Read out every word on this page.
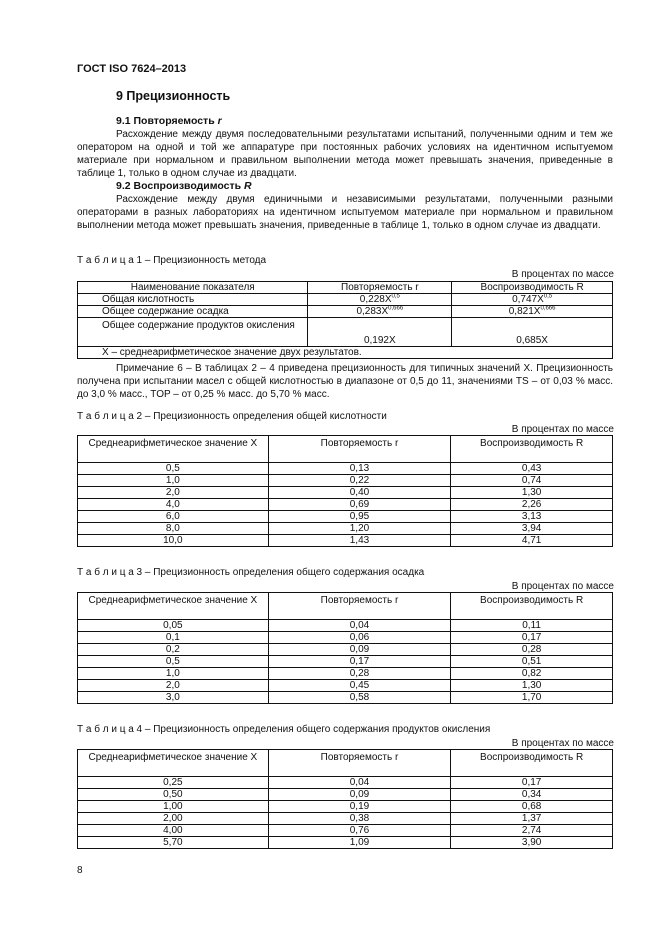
ГОСТ ISO 7624–2013
9 Прецизионность
9.1 Повторяемость r
Расхождение между двумя последовательными результатами испытаний, полученными одним и тем же оператором на одной и той же аппаратуре при постоянных рабочих условиях на идентичном испытуемом материале при нормальном и правильном выполнении метода может превышать значения, приведенные в таблице 1, только в одном случае из двадцати.
9.2 Воспроизводимость R
Расхождение между двумя единичными и независимыми результатами, полученными разными операторами в разных лабораториях на идентичном испытуемом материале при нормальном и правильном выполнении метода может превышать значения, приведенные в таблице 1, только в одном случае из двадцати.
Т а б л и ц а 1 – Прецизионность метода
В процентах по массе
Наименование показателя	Повторяемость r	Воспроизводимость R
Общая кислотность	$0,228X^{0,5}$	$0,747X^{0,5}$
Общее содержание осадка	$0,283X^{0,666}$	$0,821X^{0,666}$
Общее содержание продуктов окисления	0,192X	0,685X
X – среднеарифметическое значение двух результатов.		
Примечание 6 – В таблицах 2 – 4 приведена прецизионность для типичных значений X. Прецизионность получена при испытании масел с общей кислотностью в диапазоне от 0,5 до 11, значениями TS – от 0,03 % масс. до 3,0 % масс., TOP – от 0,25 % масс. до 5,70 % масс.
Т а б л и ц а 2 – Прецизионность определения общей кислотности
В процентах по массе
Среднеарифметическое значение X	Повторяемость r	Воспроизводимость R
0,5	0,13	0,43
1,0	0,22	0,74
2,0	0,40	1,30
4,0	0,69	2,26
6,0	0,95	3,13
8,0	1,20	3,94
10,0	1,43	4,71
Т а б л и ц а 3 – Прецизионность определения общего содержания осадка
В процентах по массе
Среднеарифметическое значение X	Повторяемость r	Воспроизводимость R
0,05	0,04	0,11
0,1	0,06	0,17
0,2	0,09	0,28
0,5	0,17	0,51
1,0	0,28	0,82
2,0	0,45	1,30
3,0	0,58	1,70
Т а б л и ц а 4 – Прецизионность определения общего содержания продуктов окисления
В процентах по массе
Среднеарифметическое значение X	Повторяемость r	Воспроизводимость R
0,25	0,04	0,17
0,50	0,09	0,34
1,00	0,19	0,68
2,00	0,38	1,37
4,00	0,76	2,74
5,70	1,09	3,90
8
